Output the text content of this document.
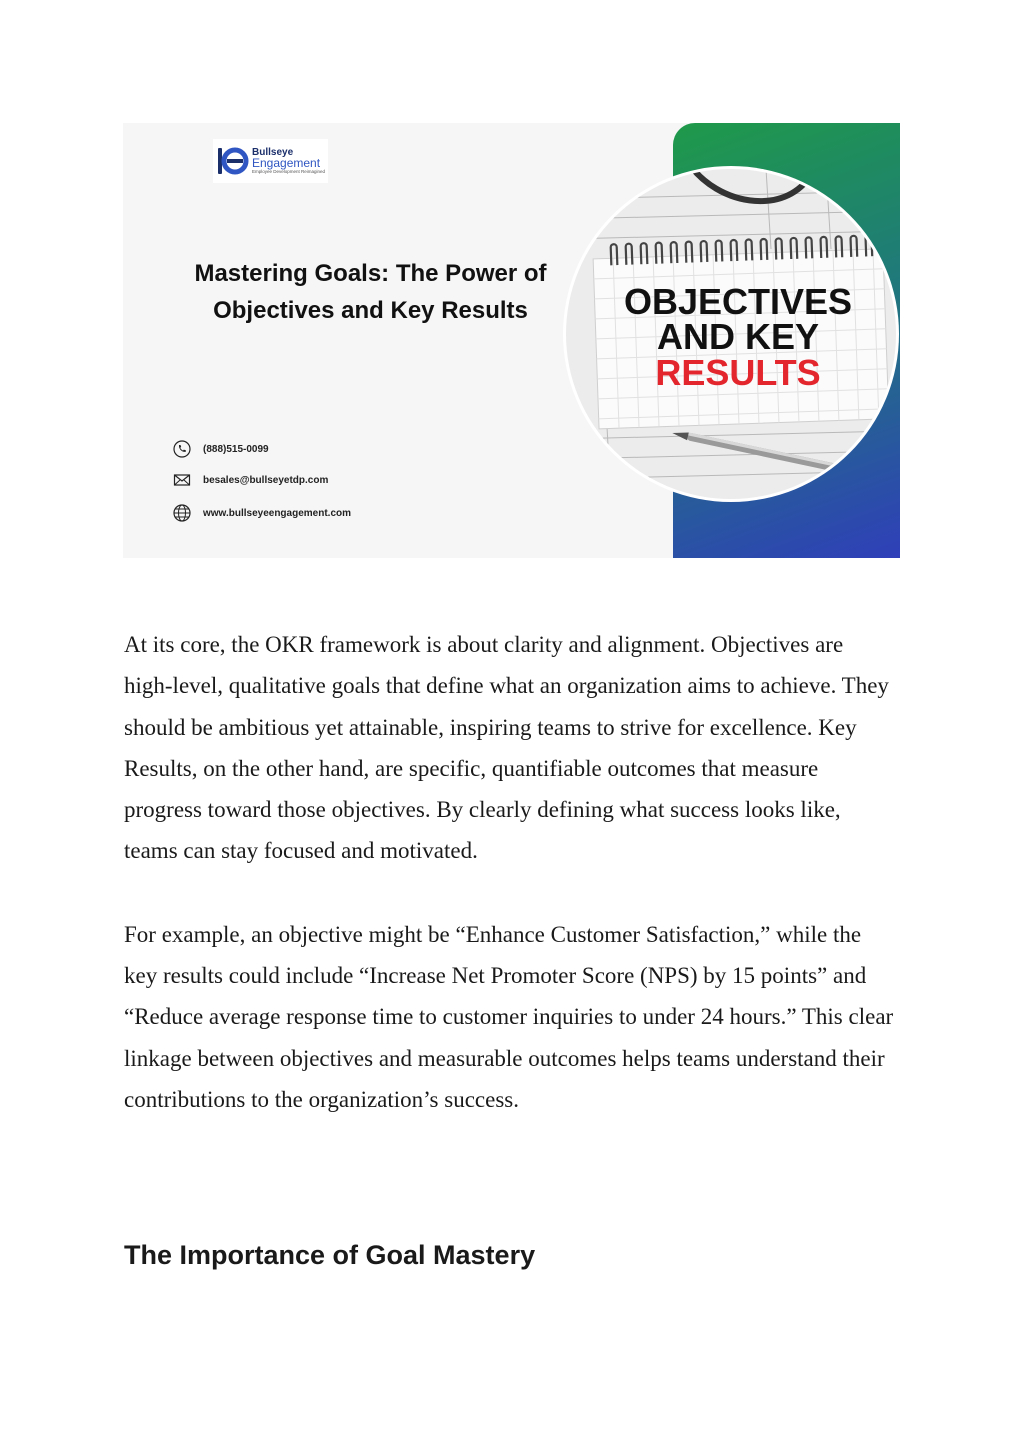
Bullseye
Engagement
Employee Development Reimagined
Mastering Goals: The Power of Objectives and Key Results
(888)515-0099
besales@bullseyetdp.com
www.bullseyeengagement.com
OBJECTIVES
AND KEY
RESULTS

At its core, the OKR framework is about clarity and alignment. Objectives are high-level, qualitative goals that define what an organization aims to achieve. They should be ambitious yet attainable, inspiring teams to strive for excellence. Key Results, on the other hand, are specific, quantifiable outcomes that measure progress toward those objectives. By clearly defining what success looks like, teams can stay focused and motivated.

For example, an objective might be “Enhance Customer Satisfaction,” while the key results could include “Increase Net Promoter Score (NPS) by 15 points” and “Reduce average response time to customer inquiries to under 24 hours.” This clear linkage between objectives and measurable outcomes helps teams understand their contributions to the organization’s success.

The Importance of Goal Mastery
